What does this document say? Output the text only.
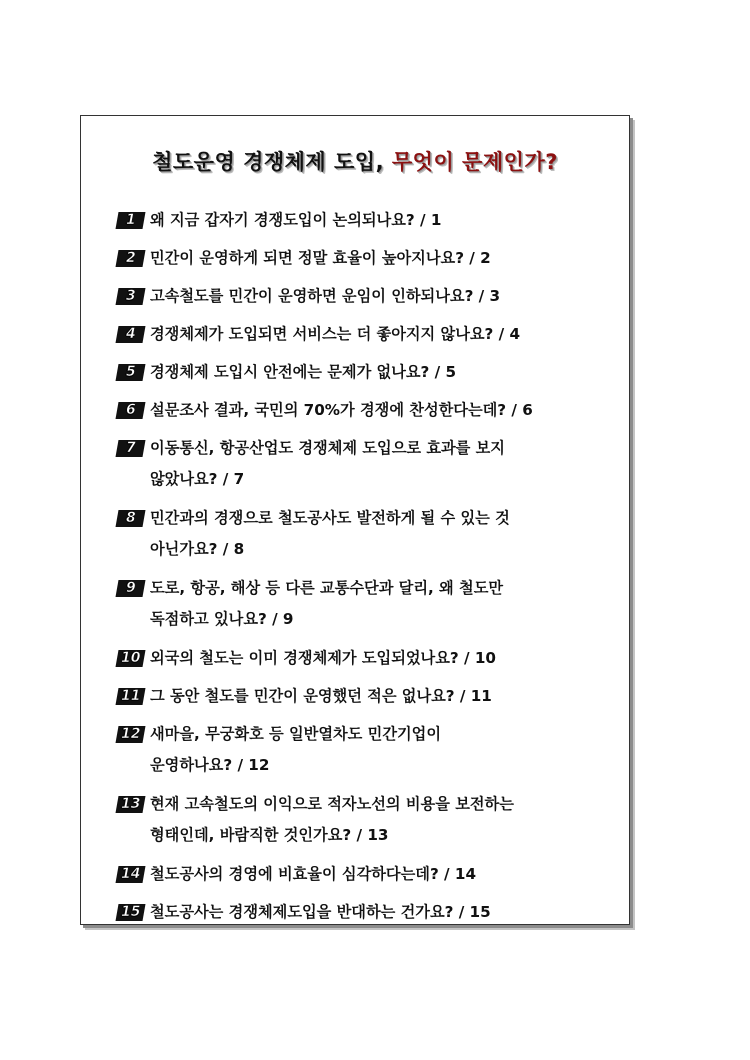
철도운영 경쟁체제 도입, 무엇이 문제인가?
1 왜 지금 갑자기 경쟁도입이 논의되나요? / 1
2 민간이 운영하게 되면 정말 효율이 높아지나요? / 2
3 고속철도를 민간이 운영하면 운임이 인하되나요? / 3
4 경쟁체제가 도입되면 서비스는 더 좋아지지 않나요? / 4
5 경쟁체제 도입시 안전에는 문제가 없나요? / 5
6 설문조사 결과, 국민의 70%가 경쟁에 찬성한다는데? / 6
7 이동통신, 항공산업도 경쟁체제 도입으로 효과를 보지
않았나요? / 7
8 민간과의 경쟁으로 철도공사도 발전하게 될 수 있는 것
아닌가요? / 8
9 도로, 항공, 해상 등 다른 교통수단과 달리, 왜 철도만
독점하고 있나요? / 9
10 외국의 철도는 이미 경쟁체제가 도입되었나요? / 10
11 그 동안 철도를 민간이 운영했던 적은 없나요? / 11
12 새마을, 무궁화호 등 일반열차도 민간기업이
운영하나요? / 12
13 현재 고속철도의 이익으로 적자노선의 비용을 보전하는
형태인데, 바람직한 것인가요? / 13
14 철도공사의 경영에 비효율이 심각하다는데? / 14
15 철도공사는 경쟁체제도입을 반대하는 건가요? / 15
